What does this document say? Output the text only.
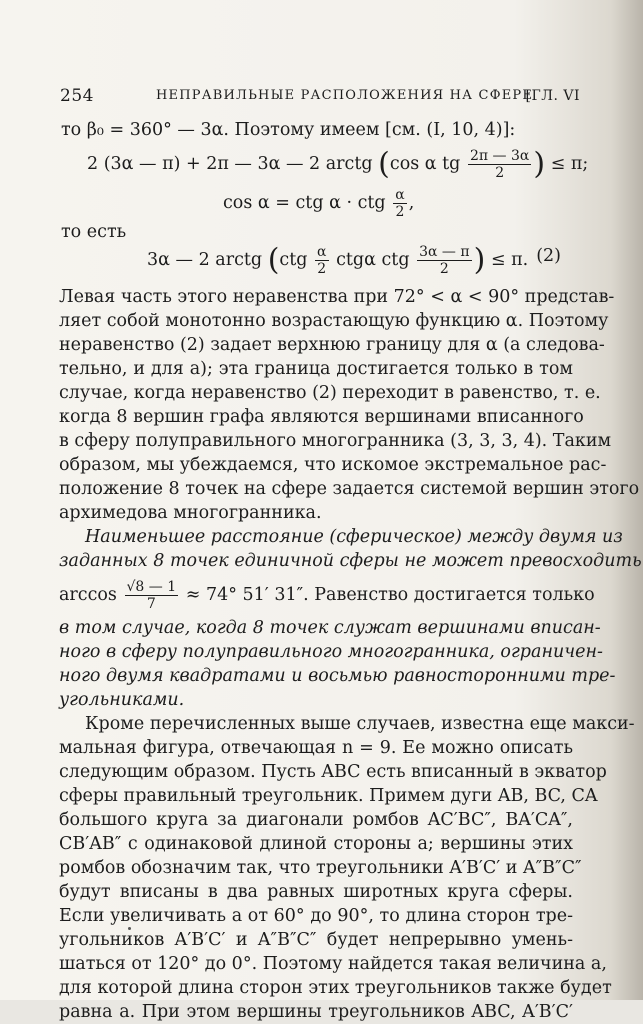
254	НЕПРАВИЛЬНЫЕ РАСПОЛОЖЕНИЯ НА СФЕРЕ
[ГЛ. VI

то β₀ = 360° — 3α. Поэтому имеем [см. (I, 10, 4)]:

2 (3α — π) + 2π — 3α — 2 arctg (cos α tg $\frac{2\pi — 3\alpha}{2}$ ) ≤ π;

cos α = ctg α · ctg $\frac{\alpha}{2}$ ,

то есть

3α — 2 arctg ($ctg \frac{\alpha}{2}$ ctgα ctg $\frac{3\alpha — \pi}{2}$ ) ≤ π. (2)

Левая часть этого неравенства при 72° < α < 90° представ-

ляет собой монотонно возрастающую функцию α. Поэтому

неравенство (2) задает верхнюю границу для α (а следова-

тельно, и для а); эта граница достигается только в том

случае, когда неравенство (2) переходит в равенство, т. е.

когда 8 вершин графа являются вершинами вписанного

в сферу полуправильного многогранника (3, 3, 3, 4). Таким

образом, мы убеждаемся, что искомое экстремальное рас-

положение 8 точек на сфере задается системой вершин этого

архимедова многогранника.

Наименьшее расстояние (сферическое) между двумя из

заданных 8 точек единичной сферы не может превосходить

$\arccos \frac{√8 — 1}{7} \approx 74^\circ$ 51′ 31″. Равенство достигается только

в том случае, когда 8 точек служат вершинами вписан-

ного в сферу полуправильного многогранника, ограничен-

ного двумя квадратами и восьмью равносторонними тре-

угольниками.

Кроме перечисленных выше случаев, известна еще макси-

мальная фигура, отвечающая n = 9. Ее можно описать

следующим образом. Пусть ABC есть вписанный в экватор

сферы правильный треугольник. Примем дуги AB, BC, CA

большого круга за диагонали ромбов AC′BC″, BA′CA″,

CB′AB″ с одинаковой длиной стороны a; вершины этих

ромбов обозначим так, что треугольники A′B′C′ и A″B″C″

будут вписаны в два равных широтных круга сферы.

Если увеличивать a от 60° до 90°, то длина сторон тре-

угольников A′B′C′ и A″B″C″ будет непрерывно умень-

шаться от 120° до 0°. Поэтому найдется такая величина a,

для которой длина сторон этих треугольников также будет

равна a. При этом вершины треугольников ABC, A′B′C′
